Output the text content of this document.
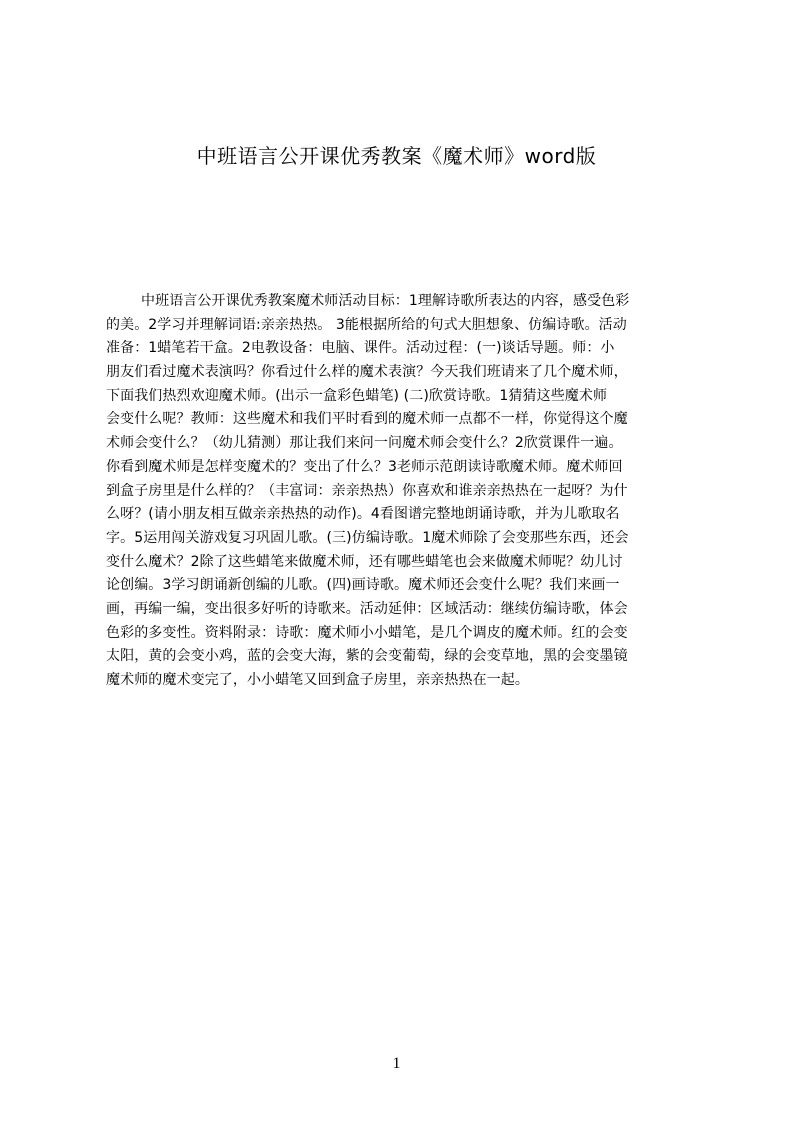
中班语言公开课优秀教案《魔术师》word版
中班语言公开课优秀教案魔术师活动目标：1理解诗歌所表达的内容，感受色彩
的美。2学习并理解词语:亲亲热热。 3能根据所给的句式大胆想象、仿编诗歌。活动
准备：1蜡笔若干盒。2电教设备：电脑、课件。活动过程：(一)谈话导题。师：小
朋友们看过魔术表演吗？你看过什么样的魔术表演？今天我们班请来了几个魔术师，
下面我们热烈欢迎魔术师。(出示一盒彩色蜡笔) (二)欣赏诗歌。1猜猜这些魔术师
会变什么呢？教师：这些魔术和我们平时看到的魔术师一点都不一样，你觉得这个魔
术师会变什么？（幼儿猜测）那让我们来问一问魔术师会变什么？2欣赏课件一遍。
你看到魔术师是怎样变魔术的？变出了什么？3老师示范朗读诗歌魔术师。魔术师回
到盒子房里是什么样的？（丰富词：亲亲热热）你喜欢和谁亲亲热热在一起呀？为什
么呀？(请小朋友相互做亲亲热热的动作)。4看图谱完整地朗诵诗歌，并为儿歌取名
字。5运用闯关游戏复习巩固儿歌。(三)仿编诗歌。1魔术师除了会变那些东西，还会
变什么魔术？2除了这些蜡笔来做魔术师，还有哪些蜡笔也会来做魔术师呢？幼儿讨
论创编。3学习朗诵新创编的儿歌。(四)画诗歌。魔术师还会变什么呢？我们来画一
画，再编一编，变出很多好听的诗歌来。活动延伸：区域活动：继续仿编诗歌，体会
色彩的多变性。资料附录：诗歌：魔术师小小蜡笔，是几个调皮的魔术师。红的会变
太阳，黄的会变小鸡，蓝的会变大海，紫的会变葡萄，绿的会变草地，黑的会变墨镜
魔术师的魔术变完了，小小蜡笔又回到盒子房里，亲亲热热在一起。
1
